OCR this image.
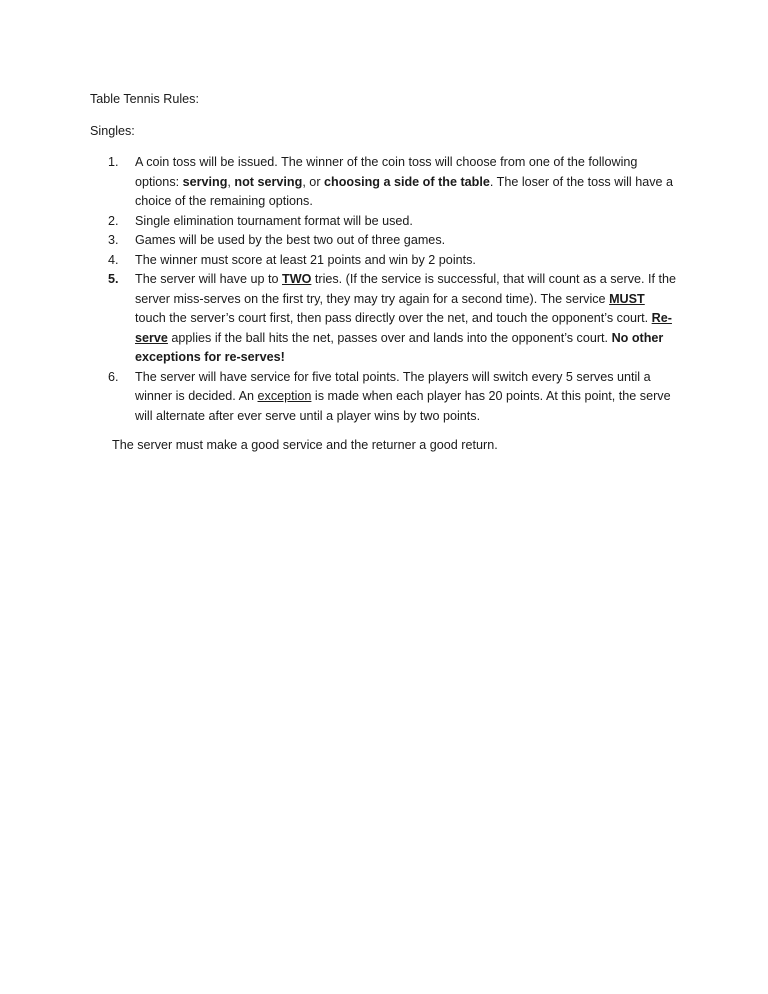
Table Tennis Rules:

Singles:

1. A coin toss will be issued. The winner of the coin toss will choose from one of the following options: serving, not serving, or choosing a side of the table. The loser of the toss will have a choice of the remaining options.
2. Single elimination tournament format will be used.
3. Games will be used by the best two out of three games.
4. The winner must score at least 21 points and win by 2 points.
5. The server will have up to TWO tries. (If the service is successful, that will count as a serve. If the server miss-serves on the first try, they may try again for a second time). The service MUST touch the server’s court first, then pass directly over the net, and touch the opponent’s court. Re-serve applies if the ball hits the net, passes over and lands into the opponent’s court. No other exceptions for re-serves!
6. The server will have service for five total points. The players will switch every 5 serves until a winner is decided. An exception is made when each player has 20 points. At this point, the serve will alternate after ever serve until a player wins by two points.

The server must make a good service and the returner a good return.
